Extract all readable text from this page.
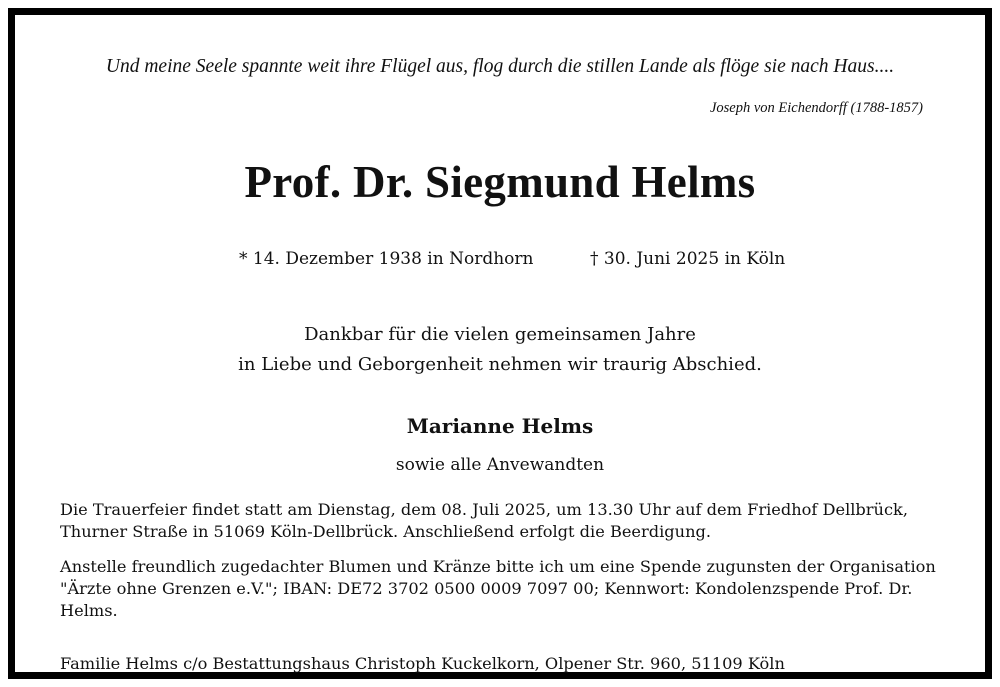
Und meine Seele spannte weit ihre Flügel aus, flog durch die stillen Lande als flöge sie nach Haus....
Joseph von Eichendorff (1788-1857)
Prof. Dr. Siegmund Helms
* 14. Dezember 1938 in Nordhorn	† 30. Juni 2025 in Köln
Dankbar für die vielen gemeinsamen Jahre
in Liebe und Geborgenheit nehmen wir traurig Abschied.
Marianne Helms
sowie alle Anvewandten
Die Trauerfeier findet statt am Dienstag, dem 08. Juli 2025, um 13.30 Uhr auf dem Friedhof Dellbrück,
Thurner Straße in 51069 Köln-Dellbrück. Anschließend erfolgt die Beerdigung.
Anstelle freundlich zugedachter Blumen und Kränze bitte ich um eine Spende zugunsten der Organisation
"Ärzte ohne Grenzen e.V."; IBAN: DE72 3702 0500 0009 7097 00; Kennwort: Kondolenzspende Prof. Dr.
Helms.
Familie Helms c/o Bestattungshaus Christoph Kuckelkorn, Olpener Str. 960, 51109 Köln
